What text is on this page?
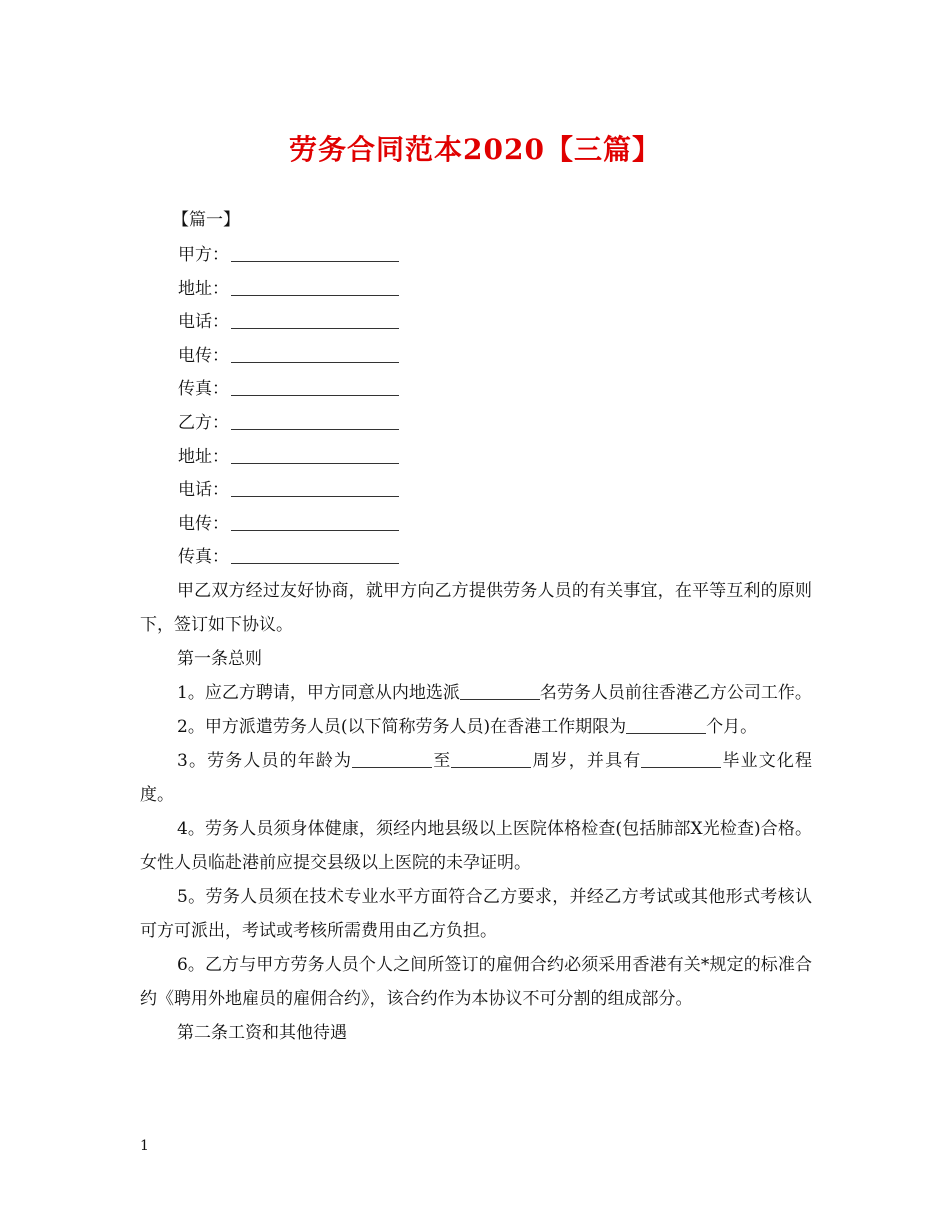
劳务合同范本2020【三篇】
【篇一】
甲方：
地址：
电话：
电传：
传真：
乙方：
地址：
电话：
电传：
传真：

甲乙双方经过友好协商，就甲方向乙方提供劳务人员的有关事宜，在平等互利的原则下，签订如下协议。

第一条总则

1。应乙方聘请，甲方同意从内地选派	名劳务人员前往香港乙方公司工作。

2。甲方派遣劳务人员(以下简称劳务人员)在香港工作期限为	个月。

3。劳务人员的年龄为	至	周岁，并具有	毕业文化程度。

4。劳务人员须身体健康，须经内地县级以上医院体格检查(包括肺部X光检查)合格。女性人员临赴港前应提交县级以上医院的未孕证明。

5。劳务人员须在技术专业水平方面符合乙方要求，并经乙方考试或其他形式考核认可方可派出，考试或考核所需费用由乙方负担。

6。乙方与甲方劳务人员个人之间所签订的雇佣合约必须采用香港有关*规定的标准合约《聘用外地雇员的雇佣合约》，该合约作为本协议不可分割的组成部分。

第二条工资和其他待遇

1
